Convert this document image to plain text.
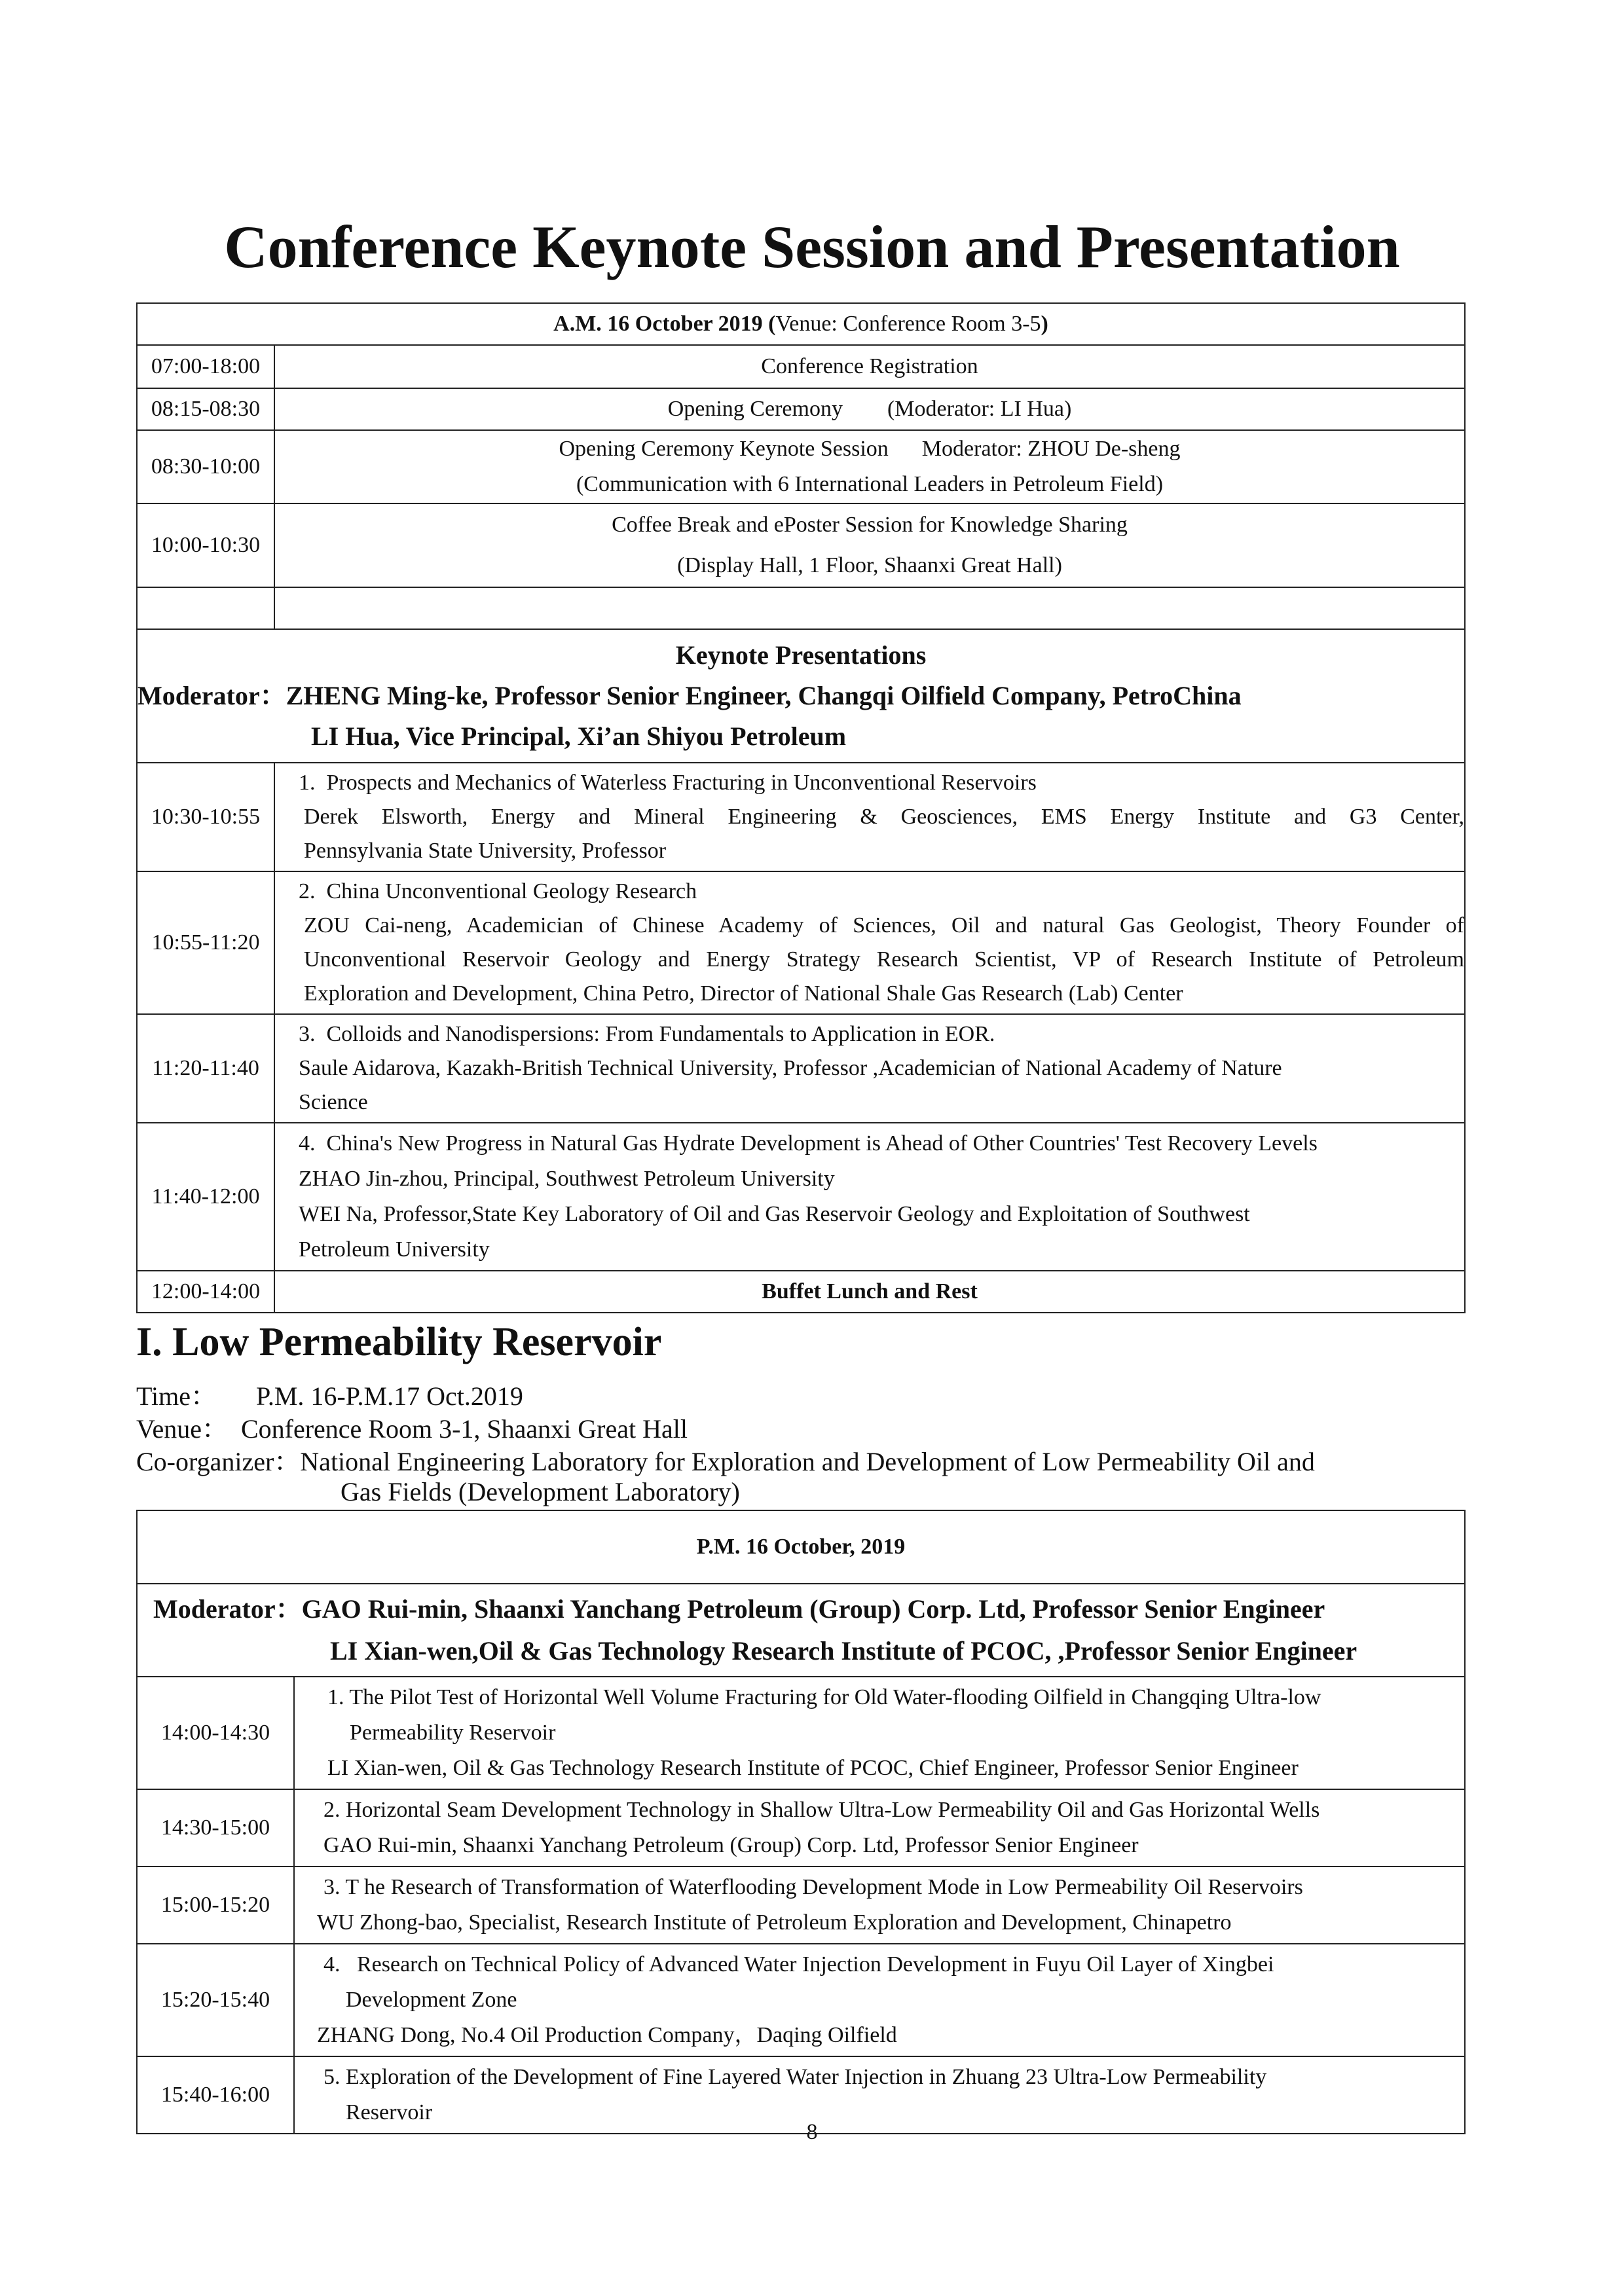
Conference Keynote Session and Presentation
A.M. 16 October 2019 (Venue: Conference Room 3-5)	
07:00-18:00	Conference Registration
08:15-08:30	Opening Ceremony        (Moderator: LI Hua)
08:30-10:00	Opening Ceremony Keynote Session      Moderator: ZHOU De-sheng
(Communication with 6 International Leaders in Petroleum Field)

10:00-10:30	Coffee Break and ePoster Session for Knowledge Sharing
(Display Hall, 1 Floor, Shaanxi Great Hall)

Keynote Presentations
Moderator：ZHENG Ming-ke, Professor Senior Engineer, Changqi Oilfield Company, PetroChina
LI Hua, Vice Principal, Xi’an Shiyou Petroleum	

10:30-10:55	1.  Prospects and Mechanics of Waterless Fracturing in Unconventional Reservoirs
Derek Elsworth, Energy and Mineral Engineering & Geosciences, EMS Energy Institute and G3 Center,
Pennsylvania State University, Professor

10:55-11:20	2.  China Unconventional Geology Research
ZOU Cai-neng, Academician of Chinese Academy of Sciences, Oil and natural Gas Geologist, Theory Founder of
Unconventional Reservoir Geology and Energy Strategy Research Scientist, VP of Research Institute of Petroleum
Exploration and Development, China Petro, Director of National Shale Gas Research (Lab) Center

11:20-11:40	3.  Colloids and Nanodispersions: From Fundamentals to Application in EOR.
Saule Aidarova, Kazakh-British Technical University, Professor ,Academician of National Academy of Nature
Science

11:40-12:00	4.  China's New Progress in Natural Gas Hydrate Development is Ahead of Other Countries' Test Recovery Levels
ZHAO Jin-zhou, Principal, Southwest Petroleum University
WEI Na, Professor,State Key Laboratory of Oil and Gas Reservoir Geology and Exploitation of Southwest
Petroleum University

12:00-14:00	Buffet Lunch and Rest
I. Low Permeability Reservoir
Time： P.M. 16-P.M.17 Oct.2019
Venue： Conference Room 3-1, Shaanxi Great Hall
Co-organizer：National Engineering Laboratory for Exploration and Development of Low Permeability Oil and
Gas Fields (Development Laboratory)
P.M. 16 October, 2019	

Moderator：GAO Rui-min, Shaanxi Yanchang Petroleum (Group) Corp. Ltd, Professor Senior Engineer
LI Xian-wen,Oil & Gas Technology Research Institute of PCOC, ,Professor Senior Engineer	

14:00-14:30	1. The Pilot Test of Horizontal Well Volume Fracturing for Old Water-flooding Oilfield in Changqing Ultra-low
Permeability Reservoir
LI Xian-wen, Oil & Gas Technology Research Institute of PCOC, Chief Engineer, Professor Senior Engineer

14:30-15:00	2. Horizontal Seam Development Technology in Shallow Ultra-Low Permeability Oil and Gas Horizontal Wells
GAO Rui-min, Shaanxi Yanchang Petroleum (Group) Corp. Ltd, Professor Senior Engineer

15:00-15:20	3. T he Research of Transformation of Waterflooding Development Mode in Low Permeability Oil Reservoirs
WU Zhong-bao, Specialist, Research Institute of Petroleum Exploration and Development, Chinapetro

15:20-15:40	4.   Research on Technical Policy of Advanced Water Injection Development in Fuyu Oil Layer of Xingbei
Development Zone
ZHANG Dong, No.4 Oil Production Company，Daqing Oilfield

15:40-16:00	5. Exploration of the Development of Fine Layered Water Injection in Zhuang 23 Ultra-Low Permeability
Reservoir
8
